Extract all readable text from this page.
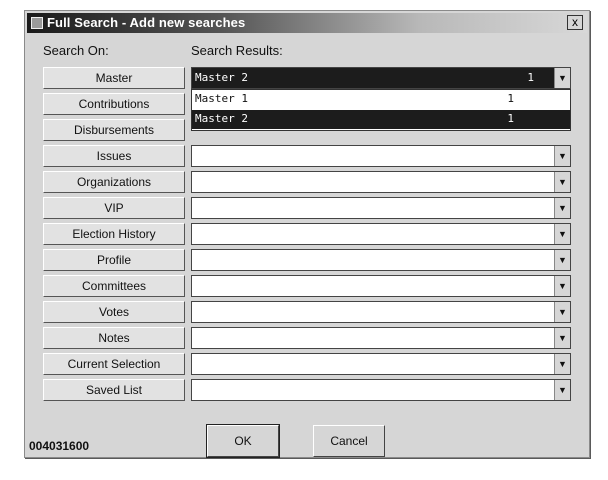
Full Search - Add new searches	x
Search On:	Search Results:
Master	Master 2	1	▼
Contributions
Disbursements
Issues	▼
Organizations	▼
VIP	▼
Election History	▼
Profile	▼
Committees	▼
Votes	▼
Notes	▼
Current Selection	▼
Saved List	▼
Master 1	1
Master 2	1
004031600	OK	Cancel
